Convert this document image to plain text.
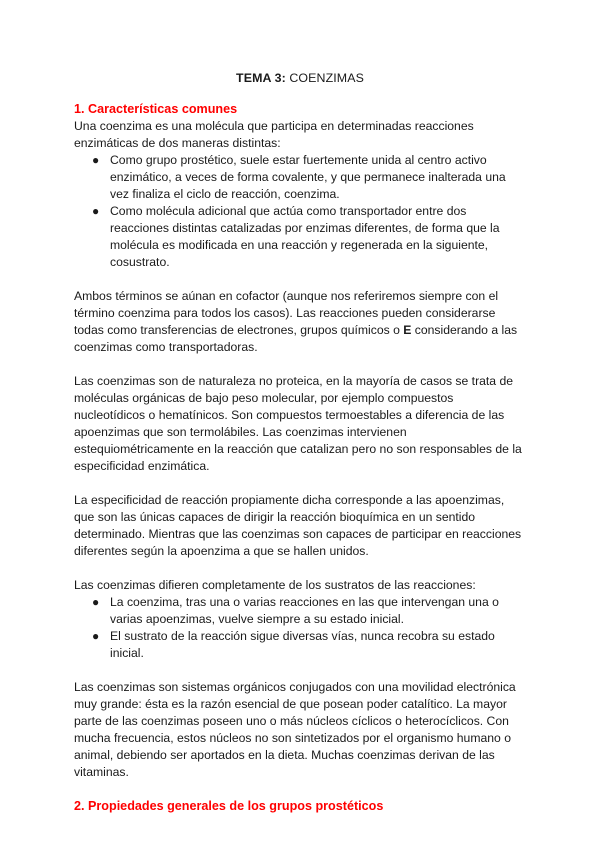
TEMA 3: COENZIMAS
1. Características comunes

Una coenzima es una molécula que participa en determinadas reacciones enzimáticas de dos maneras distintas:

● Como grupo prostético, suele estar fuertemente unida al centro activo enzimático, a veces de forma covalente, y que permanece inalterada una vez finaliza el ciclo de reacción, coenzima.
● Como molécula adicional que actúa como transportador entre dos reacciones distintas catalizadas por enzimas diferentes, de forma que la molécula es modificada en una reacción y regenerada en la siguiente, cosustrato.

Ambos términos se aúnan en cofactor (aunque nos referiremos siempre con el término coenzima para todos los casos). Las reacciones pueden considerarse todas como transferencias de electrones, grupos químicos o E considerando a las coenzimas como transportadoras.

Las coenzimas son de naturaleza no proteica, en la mayoría de casos se trata de moléculas orgánicas de bajo peso molecular, por ejemplo compuestos nucleotídicos o hematínicos. Son compuestos termoestables a diferencia de las apoenzimas que son termolábiles. Las coenzimas intervienen estequiométricamente en la reacción que catalizan pero no son responsables de la especificidad enzimática.

La especificidad de reacción propiamente dicha corresponde a las apoenzimas, que son las únicas capaces de dirigir la reacción bioquímica en un sentido determinado. Mientras que las coenzimas son capaces de participar en reacciones diferentes según la apoenzima a que se hallen unidos.

Las coenzimas difieren completamente de los sustratos de las reacciones:

● La coenzima, tras una o varias reacciones en las que intervengan una o varias apoenzimas, vuelve siempre a su estado inicial.
● El sustrato de la reacción sigue diversas vías, nunca recobra su estado inicial.

Las coenzimas son sistemas orgánicos conjugados con una movilidad electrónica muy grande: ésta es la razón esencial de que posean poder catalítico. La mayor parte de las coenzimas poseen uno o más núcleos cíclicos o heterocíclicos. Con mucha frecuencia, estos núcleos no son sintetizados por el organismo humano o animal, debiendo ser aportados en la dieta. Muchas coenzimas derivan de las vitaminas.

2. Propiedades generales de los grupos prostéticos
